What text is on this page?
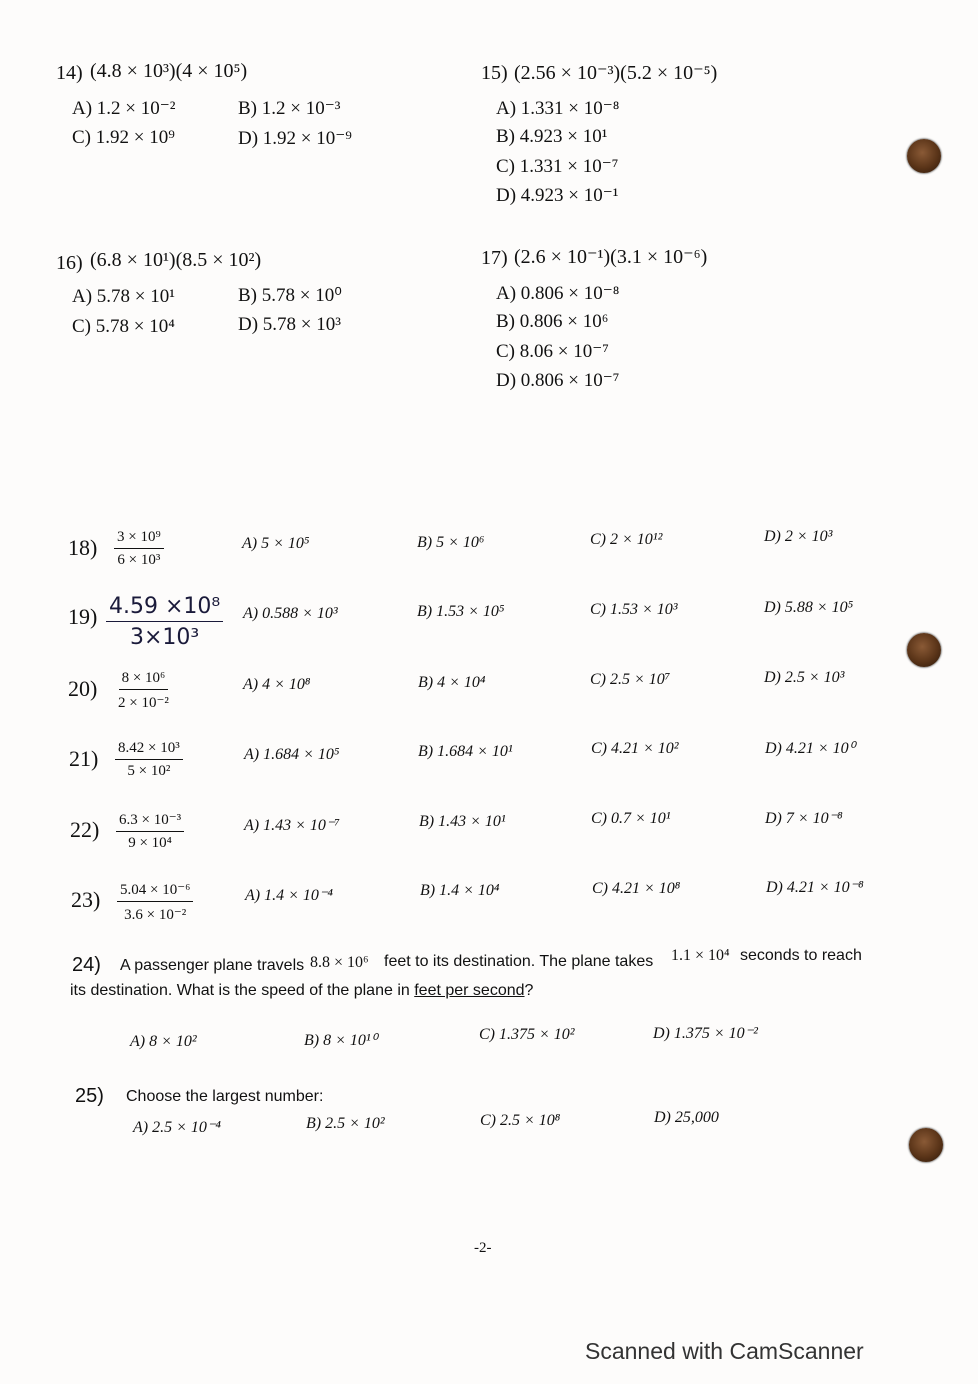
14) (4.8 × 10³)(4 × 10⁵)
A) 1.2 × 10⁻²	B) 1.2 × 10⁻³
C) 1.92 × 10⁹	D) 1.92 × 10⁻⁹
15) (2.56 × 10⁻³)(5.2 × 10⁻⁵)
A) 1.331 × 10⁻⁸
B) 4.923 × 10¹
C) 1.331 × 10⁻⁷
D) 4.923 × 10⁻¹
16) (6.8 × 10¹)(8.5 × 10²)
A) 5.78 × 10¹	B) 5.78 × 10⁰
C) 5.78 × 10⁴	D) 5.78 × 10³
17) (2.6 × 10⁻¹)(3.1 × 10⁻⁶)
A) 0.806 × 10⁻⁸
B) 0.806 × 10⁶
C) 8.06 × 10⁻⁷
D) 0.806 × 10⁻⁷
$18) \frac{\text{3 × 10⁹}}{\text{6 × 10³}}$	A) 5 × 10⁵	B) 5 × 10⁶	C) 2 × 10¹²	D) 2 × 10³
$19) \frac{\text{4.59 ×10⁸}}{\text{3×10³}} A$) 0.588 × 10³	B) 1.53 × 10⁵	C) 1.53 × 10³	D) 5.88 × 10⁵
$20) \frac{\text{8 × 10⁶}}{\text{2 × 10⁻²}}$	A) 4 × 10⁸	B) 4 × 10⁴	C) 2.5 × 10⁷	D) 2.5 × 10³
$21) \frac{\text{8.42 × 10³}}{\text{5 × 10²}}$	A) 1.684 × 10⁵	B) 1.684 × 10¹	C) 4.21 × 10²	D) 4.21 × 10⁰
$22) \frac{\text{6.3 × 10⁻³}}{\text{9 × 10⁴}}$	A) 1.43 × 10⁻⁷	B) 1.43 × 10¹	C) 0.7 × 10¹	D) 7 × 10⁻⁸
$23) \frac{\text{5.04 × 10⁻⁶}}{\text{3.6 × 10⁻²}}$	A) 1.4 × 10⁻⁴	B) 1.4 × 10⁴	C) 4.21 × 10⁸	D) 4.21 × 10⁻⁸
24) A passenger plane travels 8.8 × 10⁶ feet to its destination. The plane takes 1.1 × 10⁴ seconds to reach
its destination. What is the speed of the plane in feet per second?
A) 8 × 10²	B) 8 × 10¹⁰	C) 1.375 × 10²	D) 1.375 × 10⁻²
25) Choose the largest number:
A) 2.5 × 10⁻⁴	B) 2.5 × 10²	C) 2.5 × 10⁸	D) 25,000
-2-
Scanned with CamScanner
